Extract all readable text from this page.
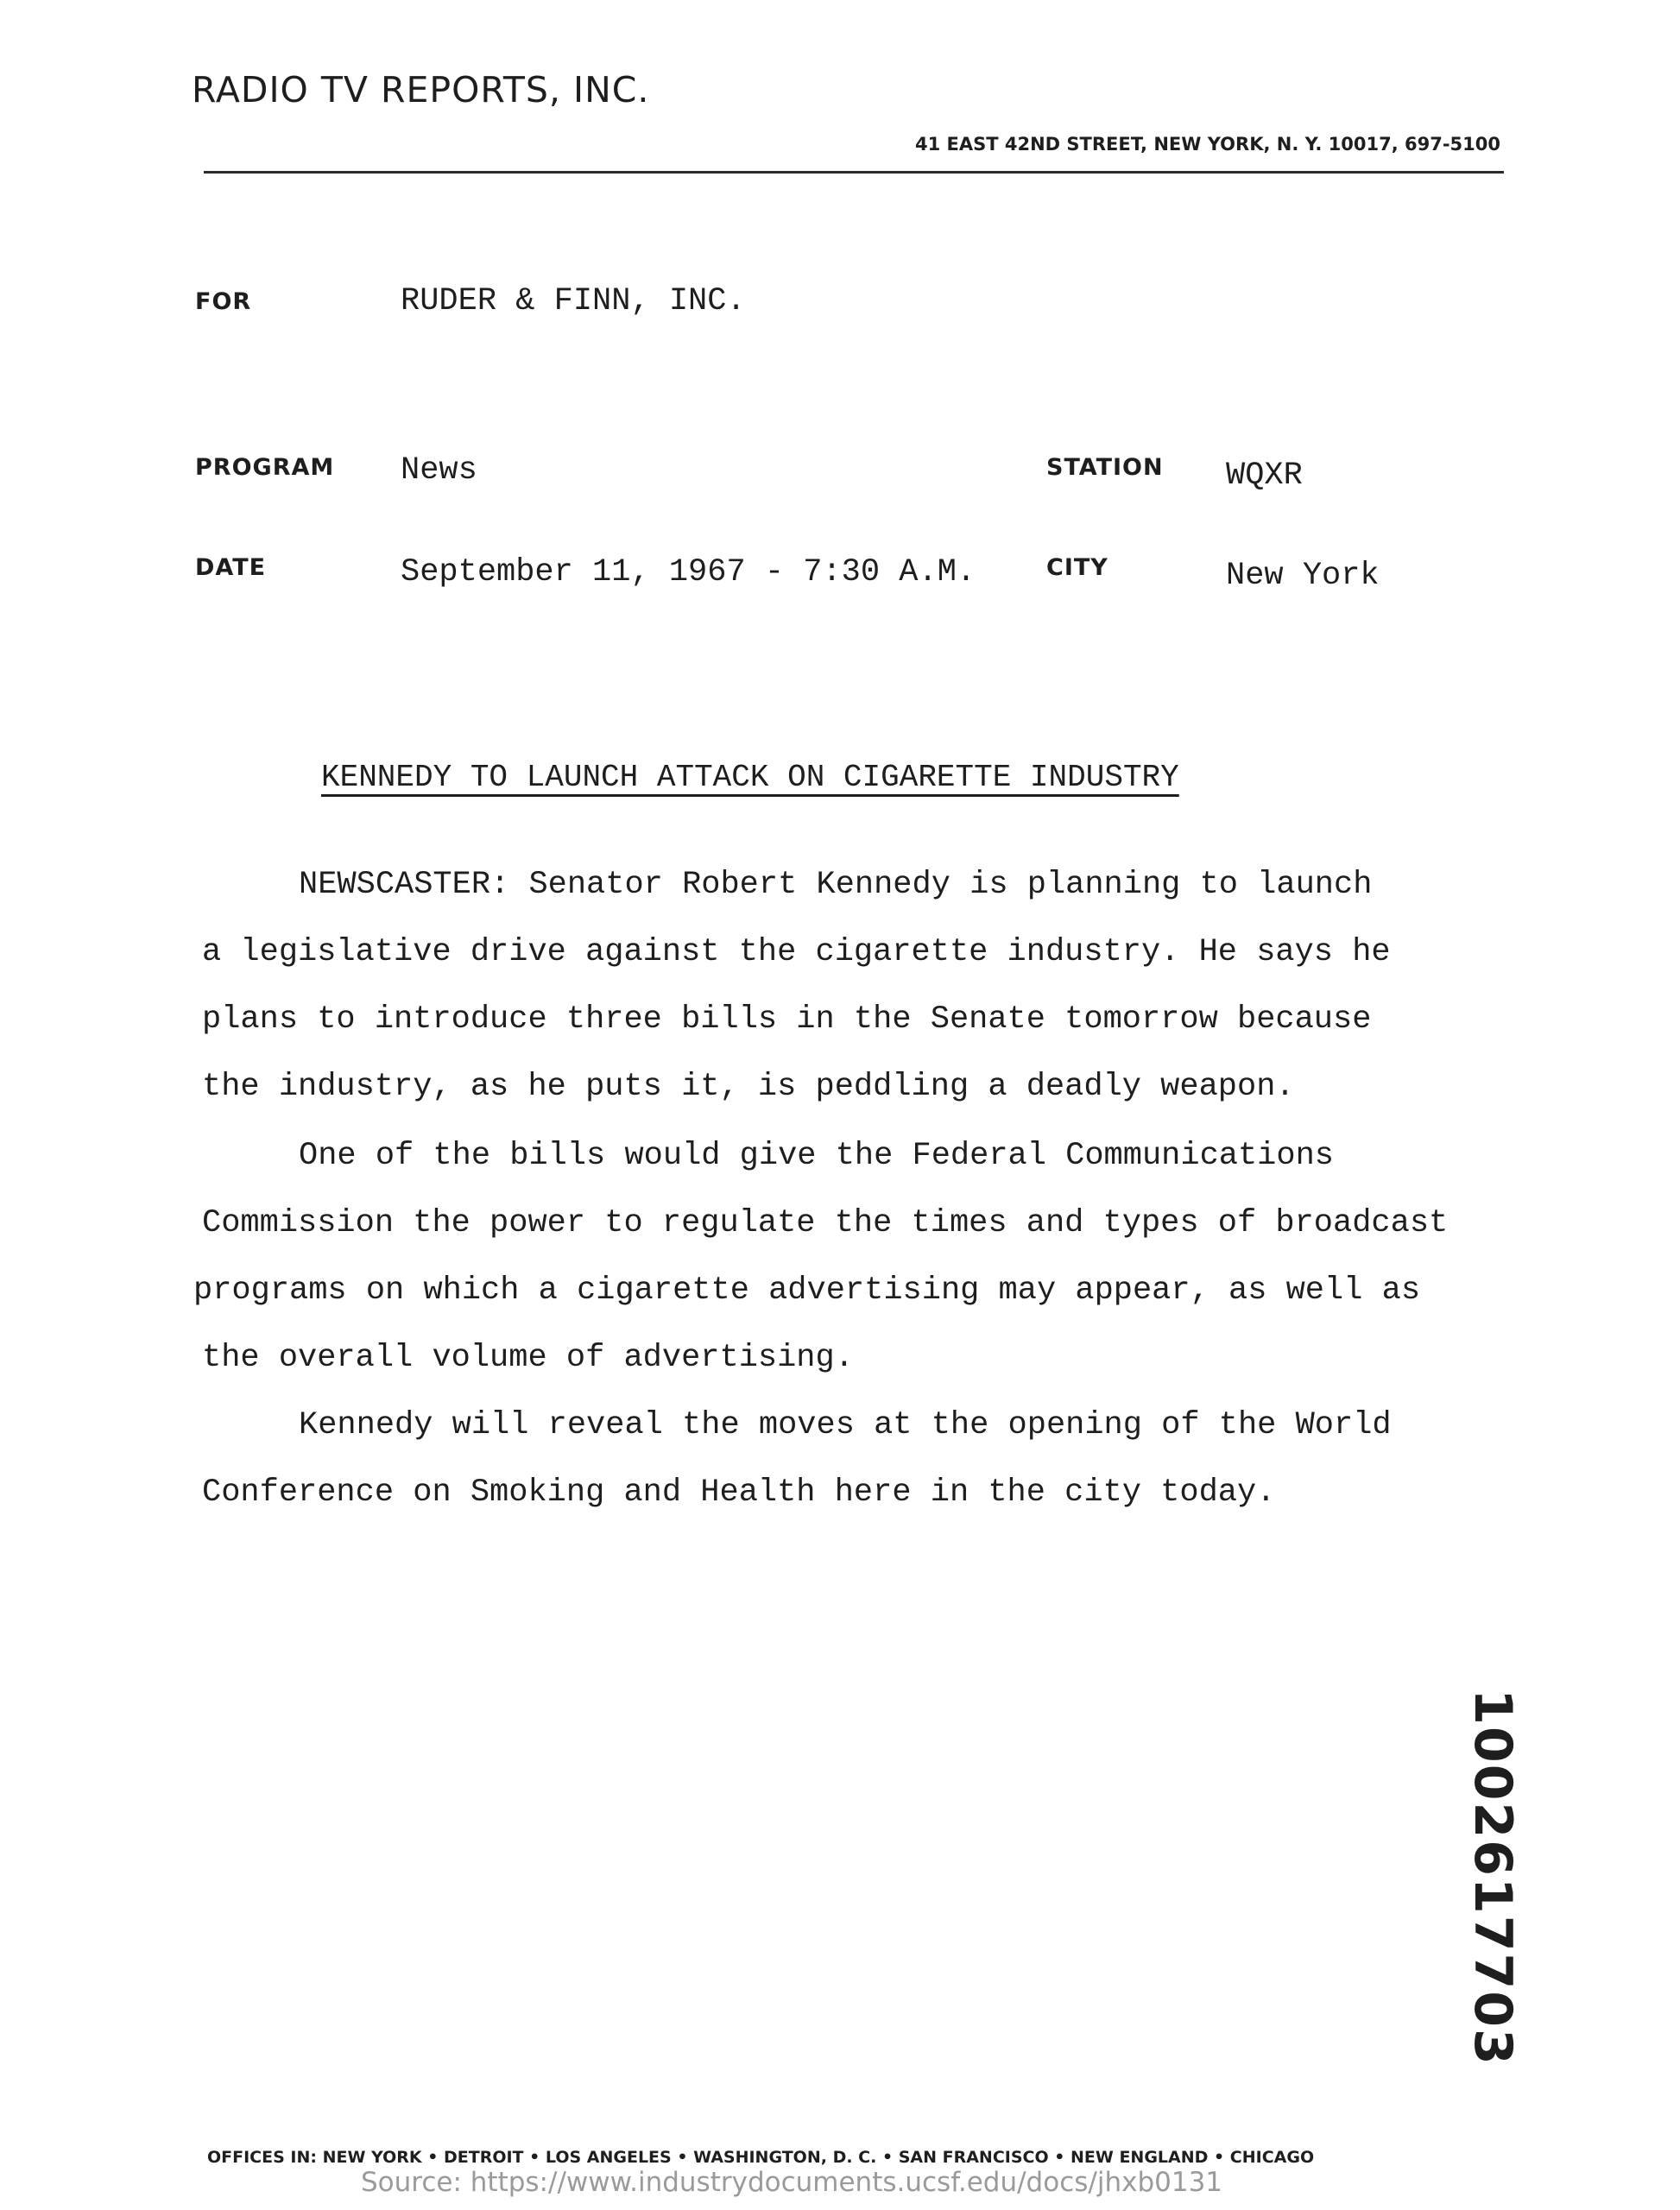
RADIO TV REPORTS, INC.
41 EAST 42ND STREET, NEW YORK, N. Y. 10017, 697-5100
FOR	RUDER & FINN, INC.
PROGRAM News	STATION WQXR
DATE	September 11, 1967 - 7:30 A.M.	CITY	New York
KENNEDY TO LAUNCH ATTACK ON CIGARETTE INDUSTRY
NEWSCASTER: Senator Robert Kennedy is planning to launch
a legislative drive against the cigarette industry. He says he
plans to introduce three bills in the Senate tomorrow because
the industry, as he puts it, is peddling a deadly weapon.
One of the bills would give the Federal Communications
Commission the power to regulate the times and types of broadcast
programs on which a cigarette advertising may appear, as well as
the overall volume of advertising.
Kennedy will reveal the moves at the opening of the World
Conference on Smoking and Health here in the city today.
1002617703
OFFICES IN: NEW YORK • DETROIT • LOS ANGELES • WASHINGTON, D. C. • SAN FRANCISCO • NEW ENGLAND • CHICAGO
Source: https://www.industrydocuments.ucsf.edu/docs/jhxb0131
